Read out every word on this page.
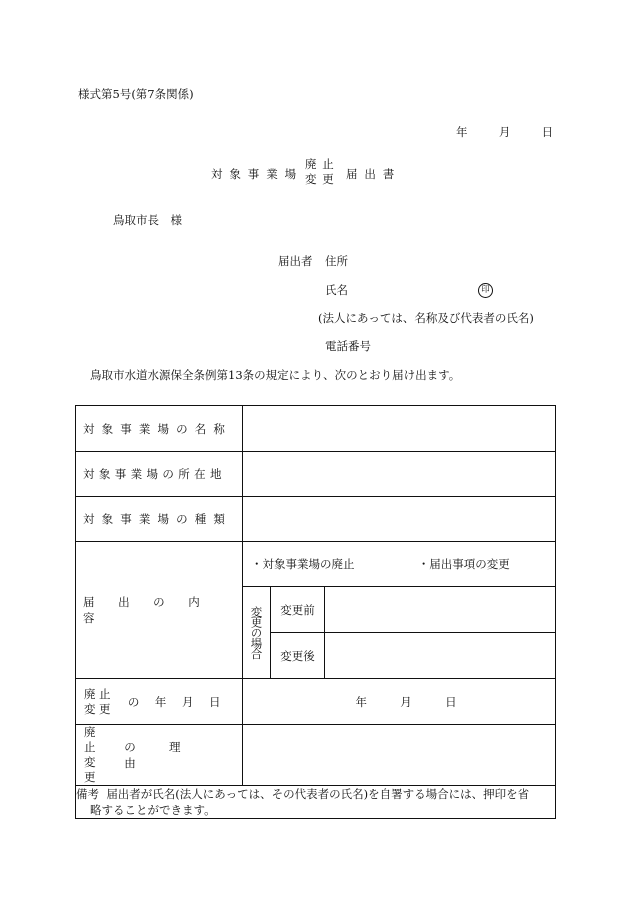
様式第5号(第7条関係)
年	月	日
対象事業場
廃止
変更 届出書
鳥取市長　様
届出者 住所
氏名	印
(法人にあっては、名称及び代表者の氏名)
電話番号
鳥取市水道水源保全条例第13条の規定により、次のとおり届け出ます。
対象事業場の名称			

対象事業場の所在地			

対象事業場の種類			

届出の内容	・対象事業場の廃止 ・届出事項の変更		

	変更の場合	変更前	
		変更後	

廃止
変更 の年月日	年 月 日		

廃止
変更
の理由			

備考 届出者が氏名(法人にあっては、その代表者の氏名)を自署する場合には、押印を省
略することができます。			
